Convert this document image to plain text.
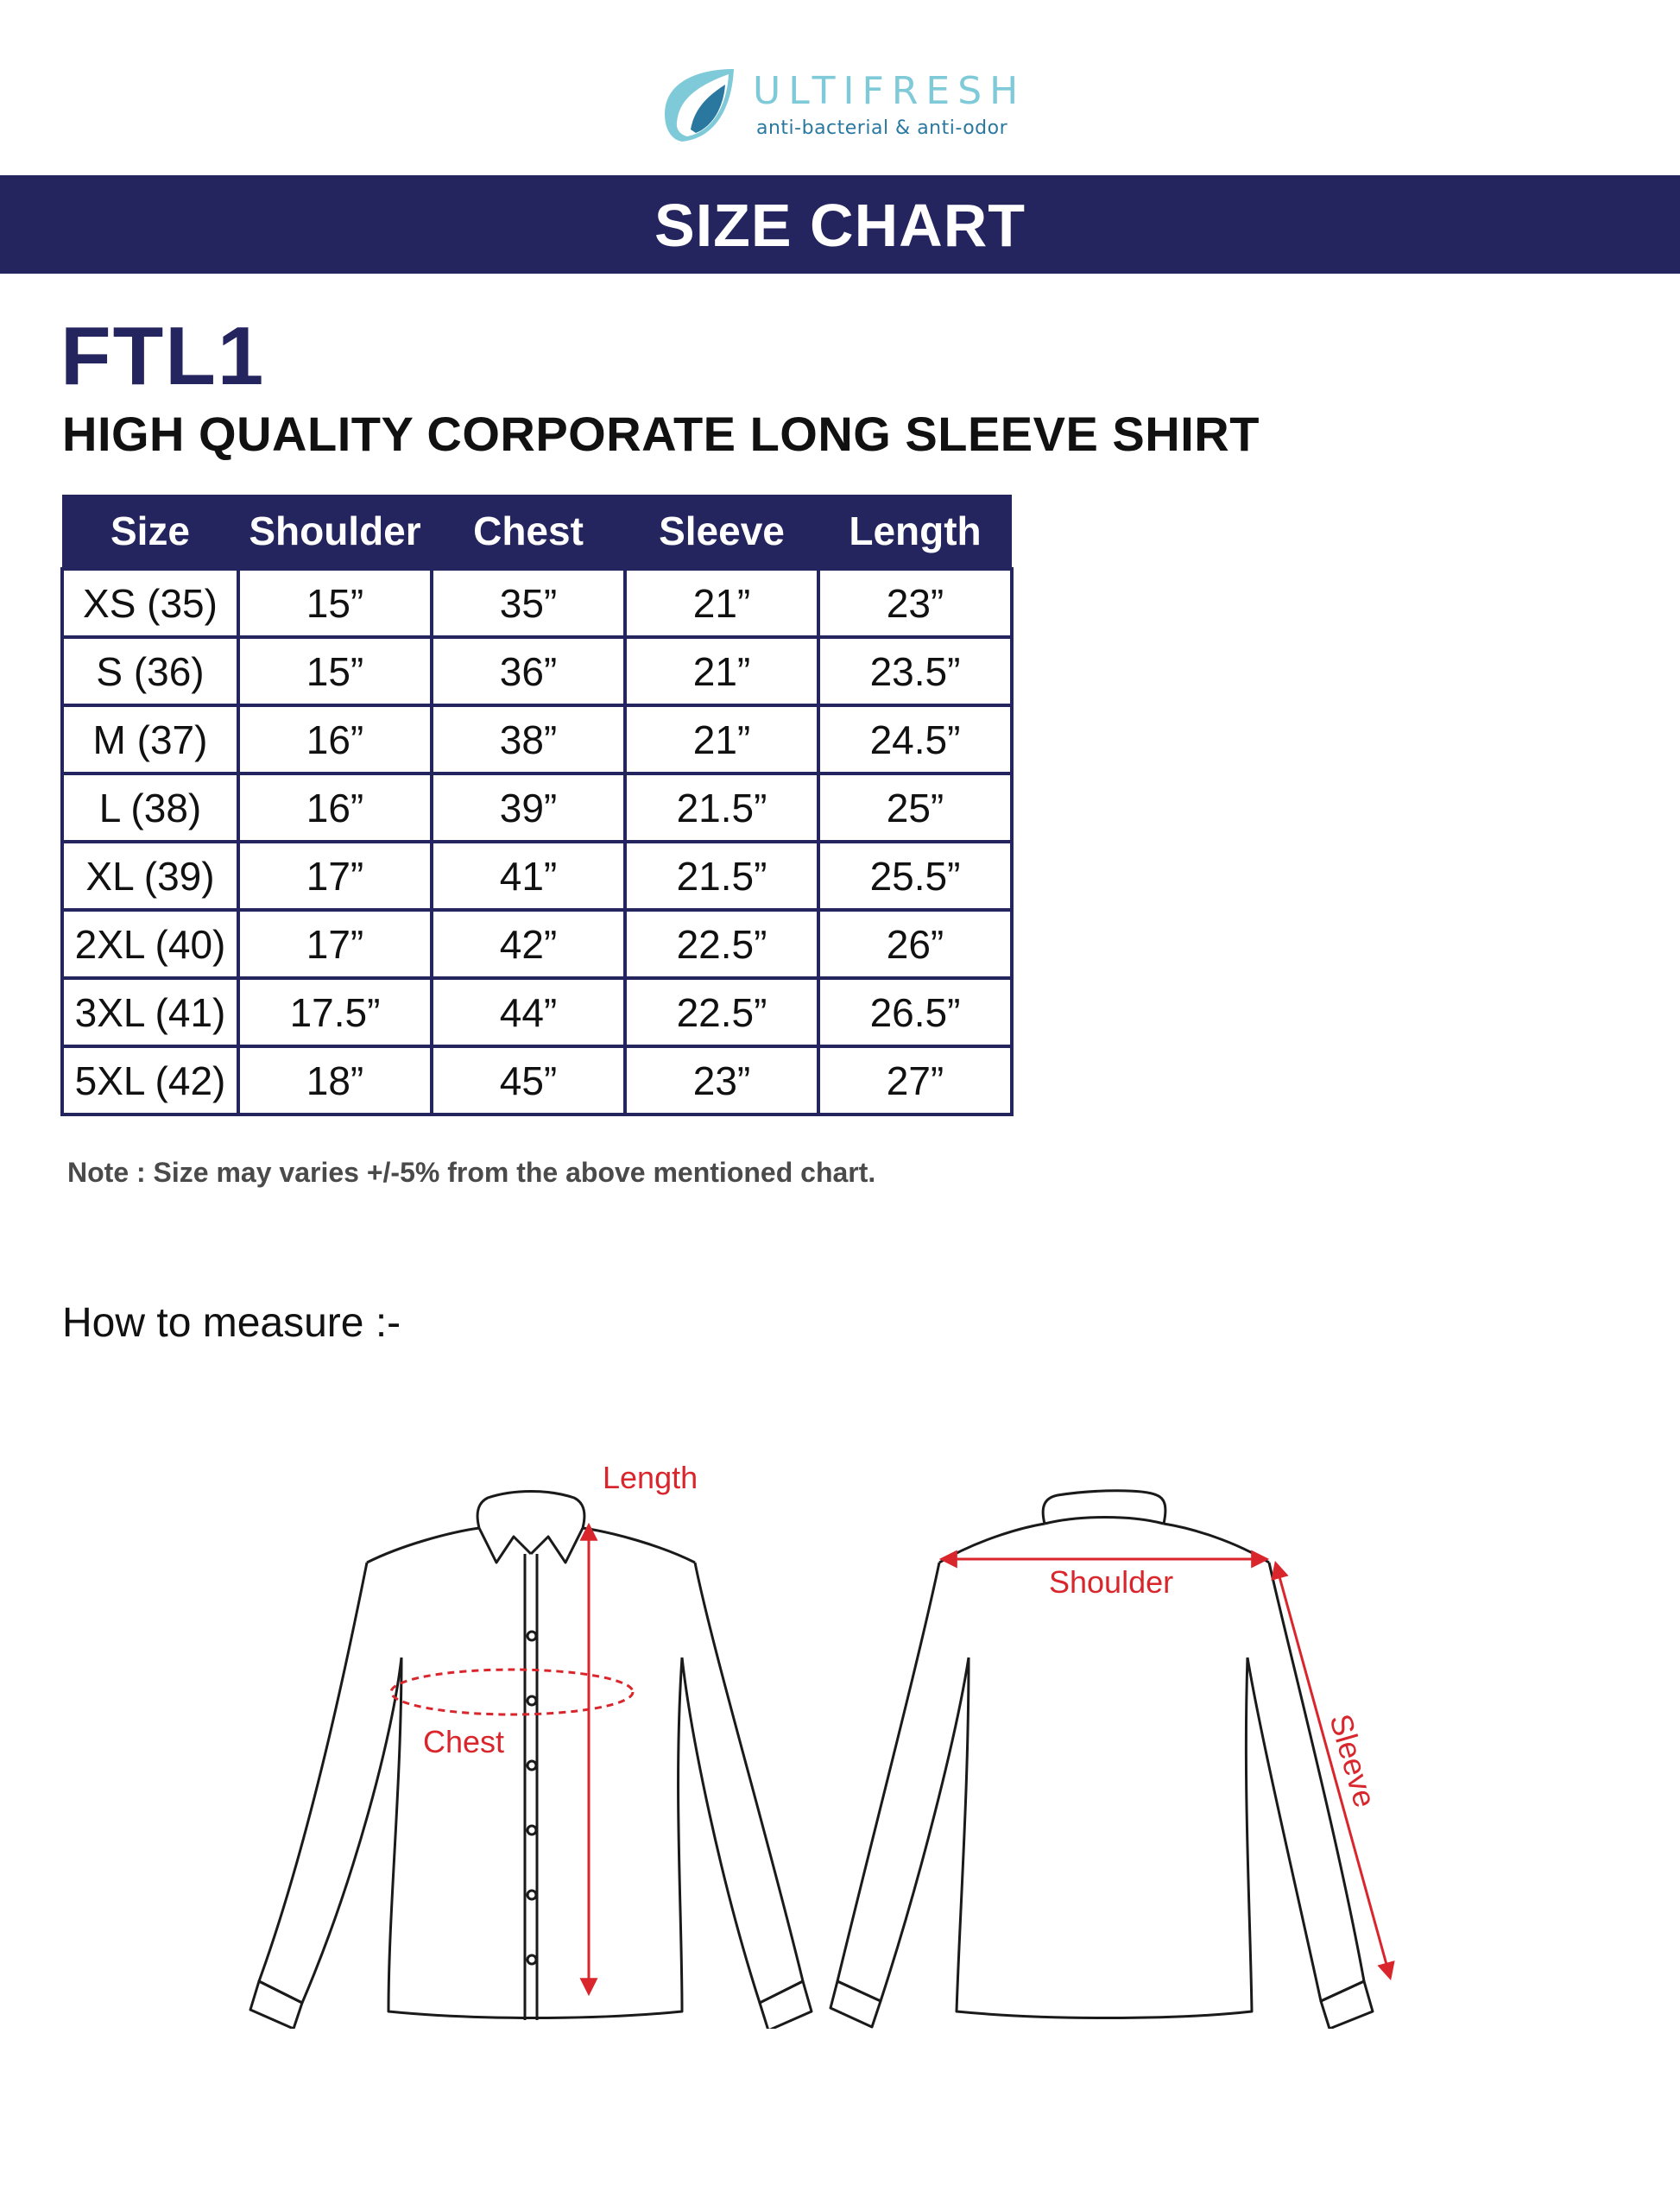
ULTIFRESH
anti-bacterial & anti-odor
SIZE CHART
FTL1
HIGH QUALITY CORPORATE LONG SLEEVE SHIRT
Size	Shoulder	Chest	Sleeve	Length
XS (35)	15”	35”	21”	23”
S (36)	15”	36”	21”	23.5”
M (37)	16”	38”	21”	24.5”
L (38)	16”	39”	21.5”	25”
XL (39)	17”	41”	21.5”	25.5”
2XL (40)	17”	42”	22.5”	26”
3XL (41)	17.5”	44”	22.5”	26.5”
5XL (42)	18”	45”	23”	27”
Note : Size may varies +/-5% from the above mentioned chart.
How to measure :-
Length
Chest
Shoulder
Sleeve
